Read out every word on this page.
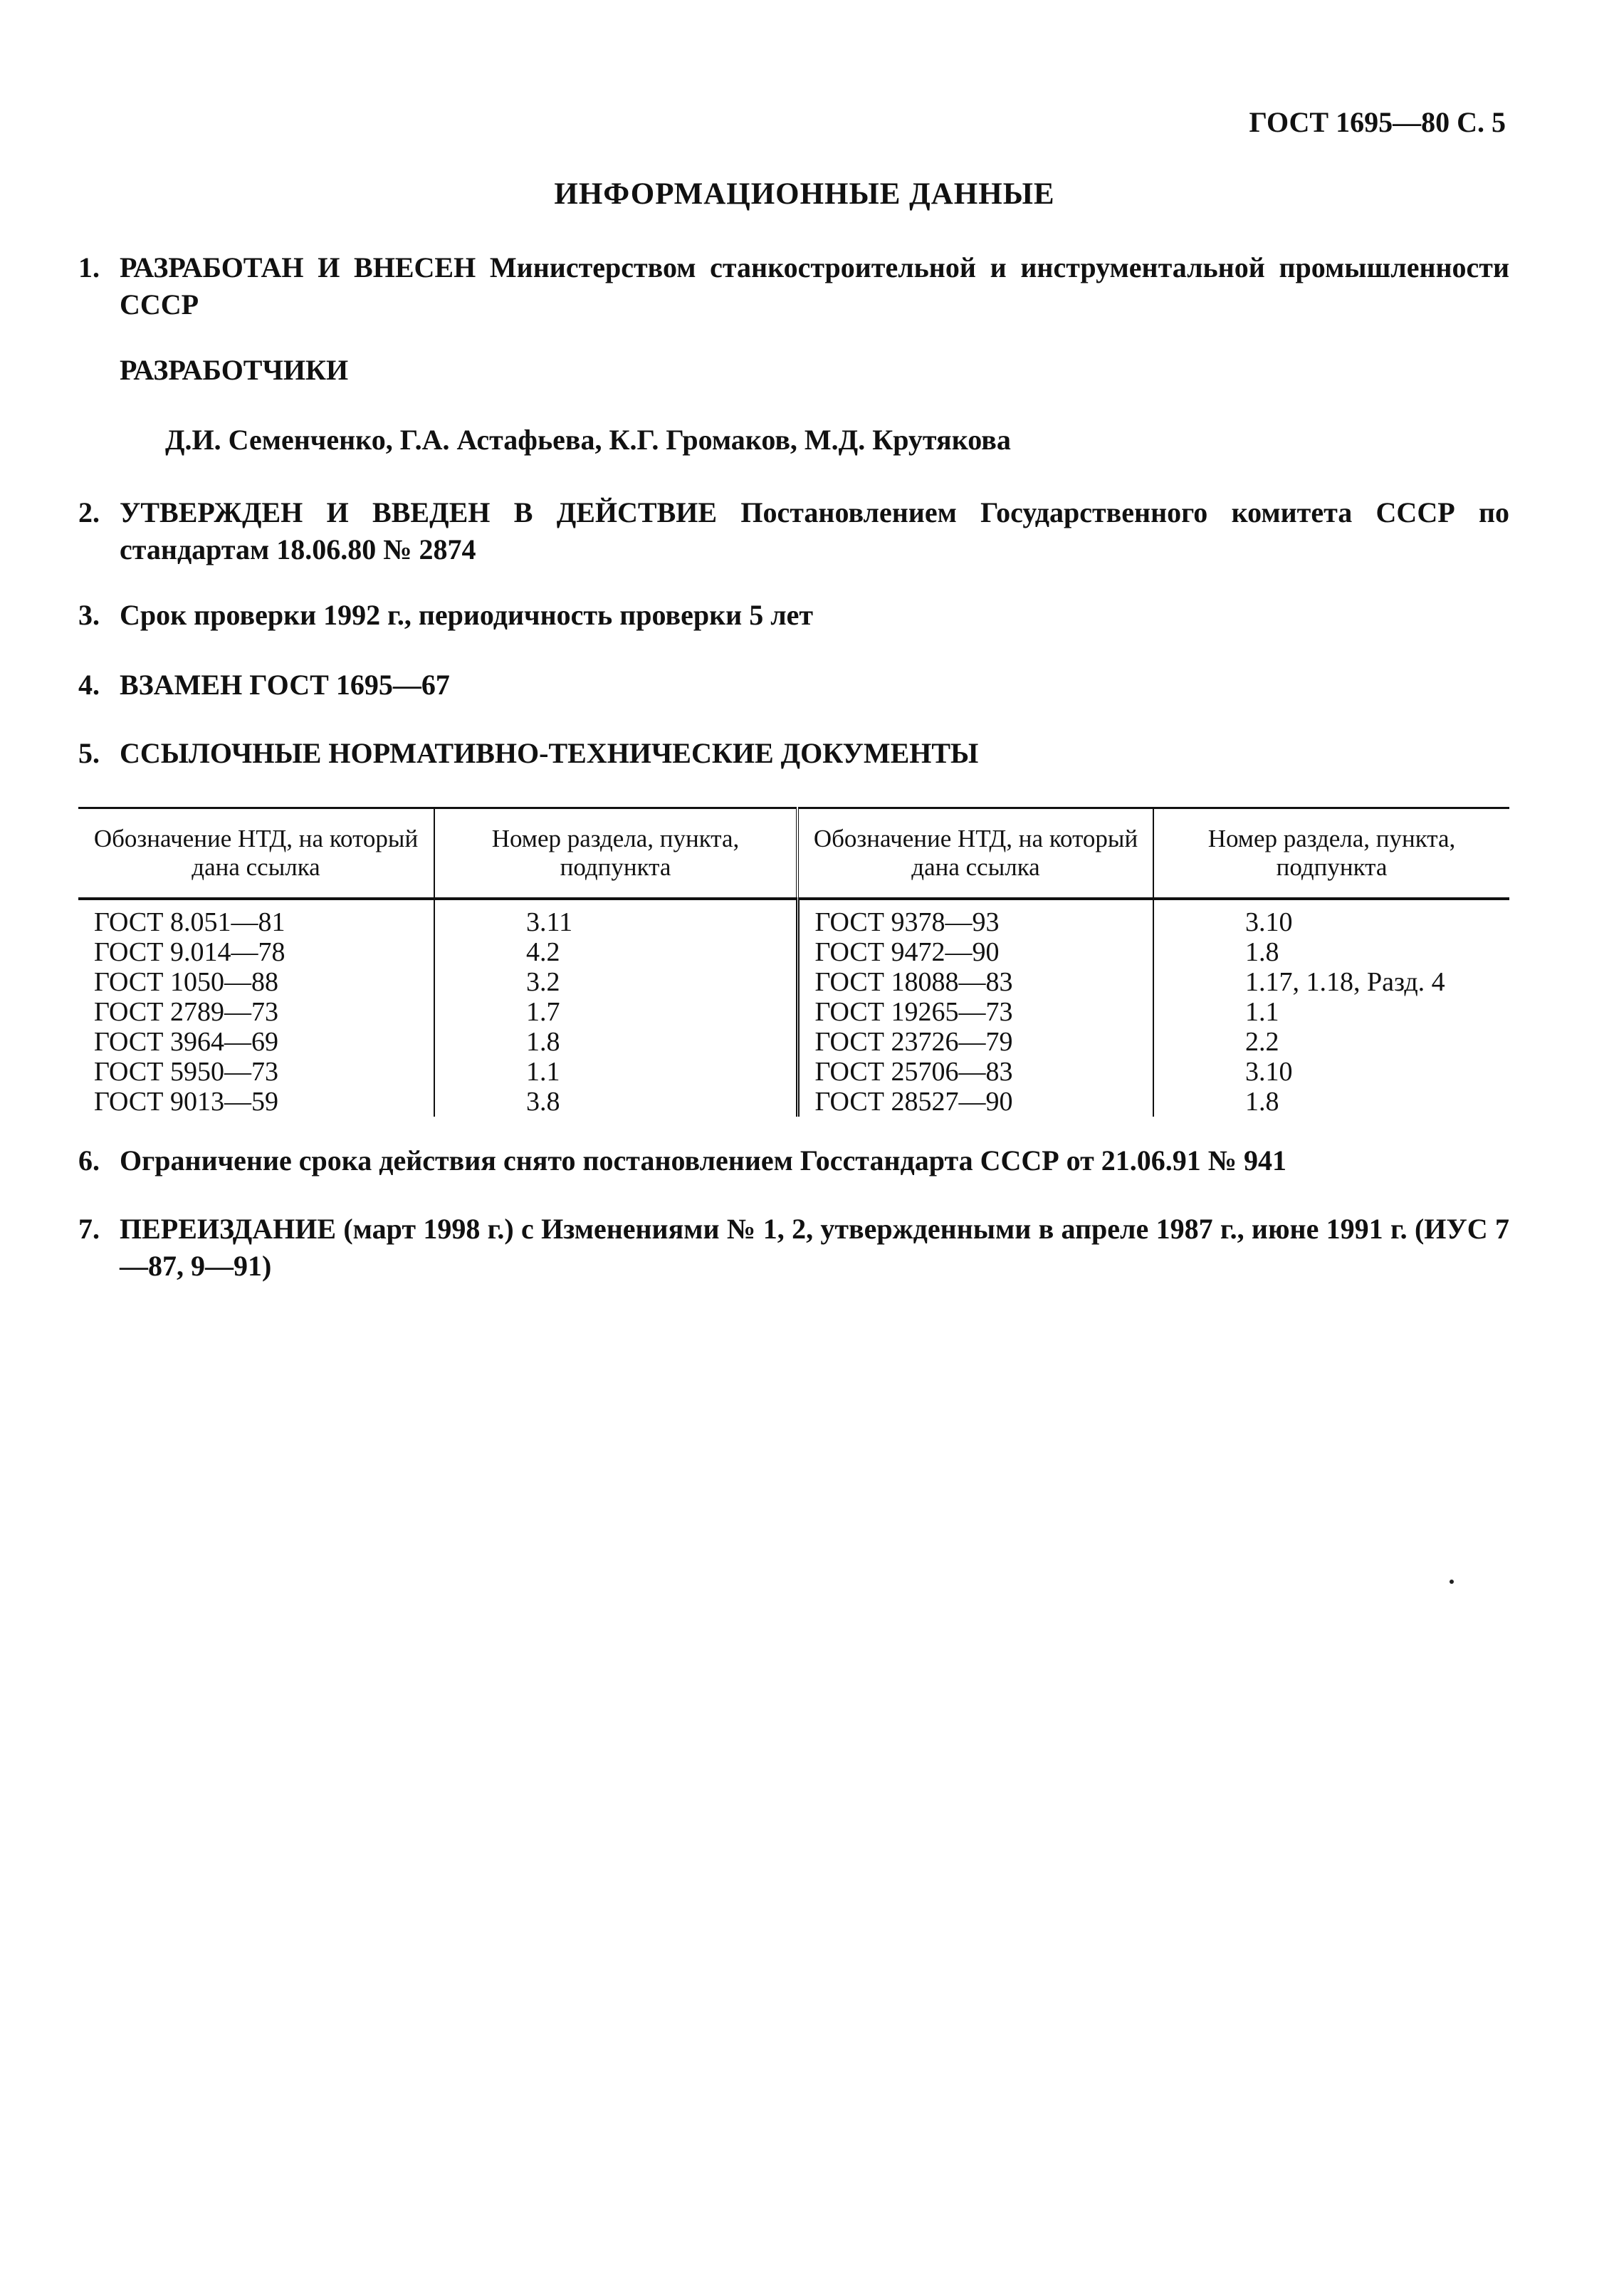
ГОСТ 1695—80 С. 5
ИНФОРМАЦИОННЫЕ ДАННЫЕ
1. РАЗРАБОТАН И ВНЕСЕН Министерством станкостроительной и инструментальной промышленности СССР
РАЗРАБОТЧИКИ
Д.И. Семенченко, Г.А. Астафьева, К.Г. Громаков, М.Д. Крутякова
2. УТВЕРЖДЕН И ВВЕДЕН В ДЕЙСТВИЕ Постановлением Государственного комитета СССР по стандартам 18.06.80 № 2874
3. Срок проверки 1992 г., периодичность проверки 5 лет
4. ВЗАМЕН ГОСТ 1695—67
5. ССЫЛОЧНЫЕ НОРМАТИВНО-ТЕХНИЧЕСКИЕ ДОКУМЕНТЫ
Обозначение НТД, на который дана ссылка	Номер раздела, пункта, подпункта	Обозначение НТД, на который дана ссылка	Номер раздела, пункта, подпункта
ГОСТ 8.051—81	3.11	ГОСТ 9378—93	3.10
ГОСТ 9.014—78	4.2	ГОСТ 9472—90	1.8
ГОСТ 1050—88	3.2	ГОСТ 18088—83	1.17, 1.18, Разд. 4
ГОСТ 2789—73	1.7	ГОСТ 19265—73	1.1
ГОСТ 3964—69	1.8	ГОСТ 23726—79	2.2
ГОСТ 5950—73	1.1	ГОСТ 25706—83	3.10
ГОСТ 9013—59	3.8	ГОСТ 28527—90	1.8
6. Ограничение срока действия снято постановлением Госстандарта СССР от 21.06.91 № 941
7. ПЕРЕИЗДАНИЕ (март 1998 г.) с Изменениями № 1, 2, утвержденными в апреле 1987 г., июне 1991 г. (ИУС 7—87, 9—91)
